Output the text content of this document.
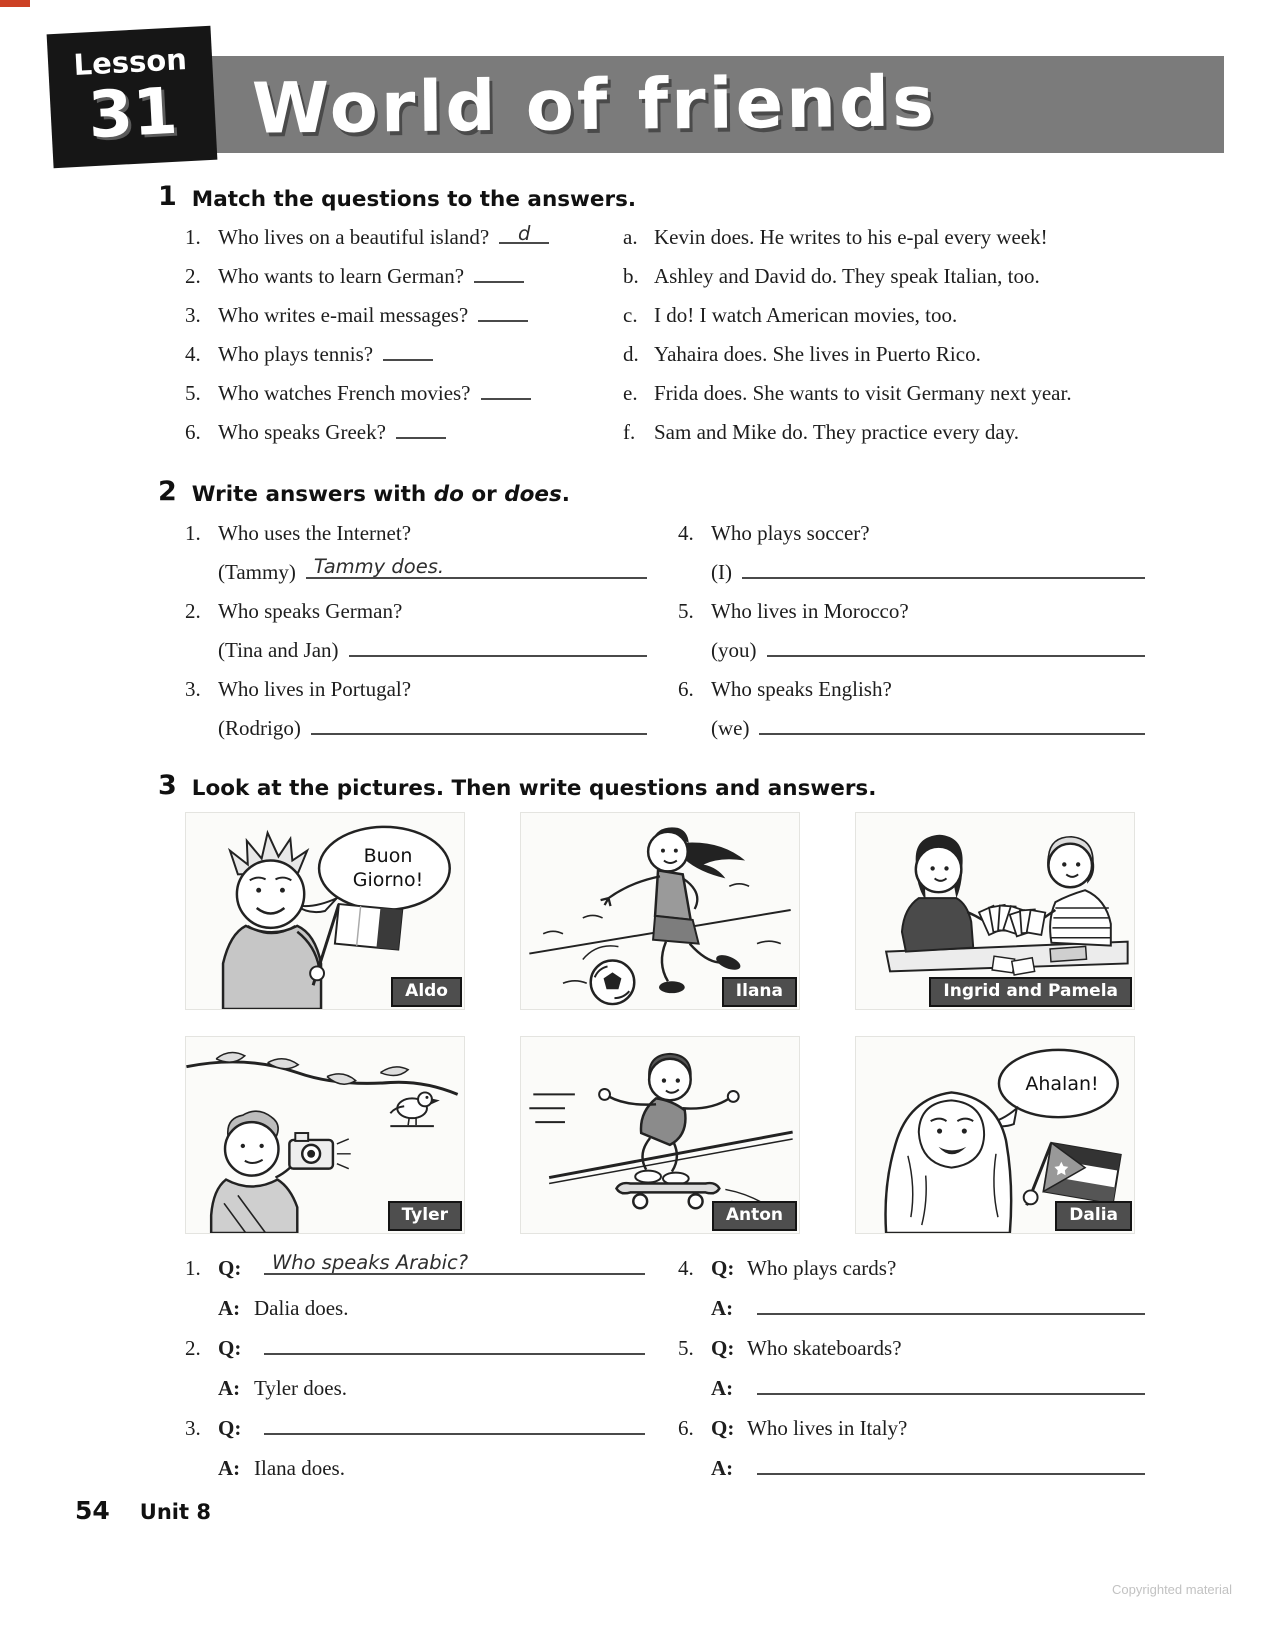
Lesson
31 World of friends
1 Match the questions to the answers.
1. Who lives on a beautiful island? d
2. Who wants to learn German?
3. Who writes e-mail messages?
4. Who plays tennis?
5. Who watches French movies?
6. Who speaks Greek?
a. Kevin does. He writes to his e-pal every week!
b. Ashley and David do. They speak Italian, too.
c. I do! I watch American movies, too.
d. Yahaira does. She lives in Puerto Rico.
e. Frida does. She wants to visit Germany next year.
f. Sam and Mike do. They practice every day.
2 Write answers with do or does.
1. Who uses the Internet?
(Tammy) Tammy does.
2. Who speaks German?
(Tina and Jan)
3. Who lives in Portugal?
(Rodrigo)
4. Who plays soccer?
(I)
5. Who lives in Morocco?
(you)
6. Who speaks English?
(we)
3 Look at the pictures. Then write questions and answers.
Buon Giorno!
Aldo	Ilana	Ingrid and Pamela
Tyler	Anton
Ahalan!
Dalia
1. Q:	Who speaks Arabic?
A: Dalia does.
2. Q:
A: Tyler does.
3. Q:
A: Ilana does.
4. Q: Who plays cards?
A:
5. Q: Who skateboards?
A:
6. Q: Who lives in Italy?
A:
54 Unit 8
Copyrighted material
